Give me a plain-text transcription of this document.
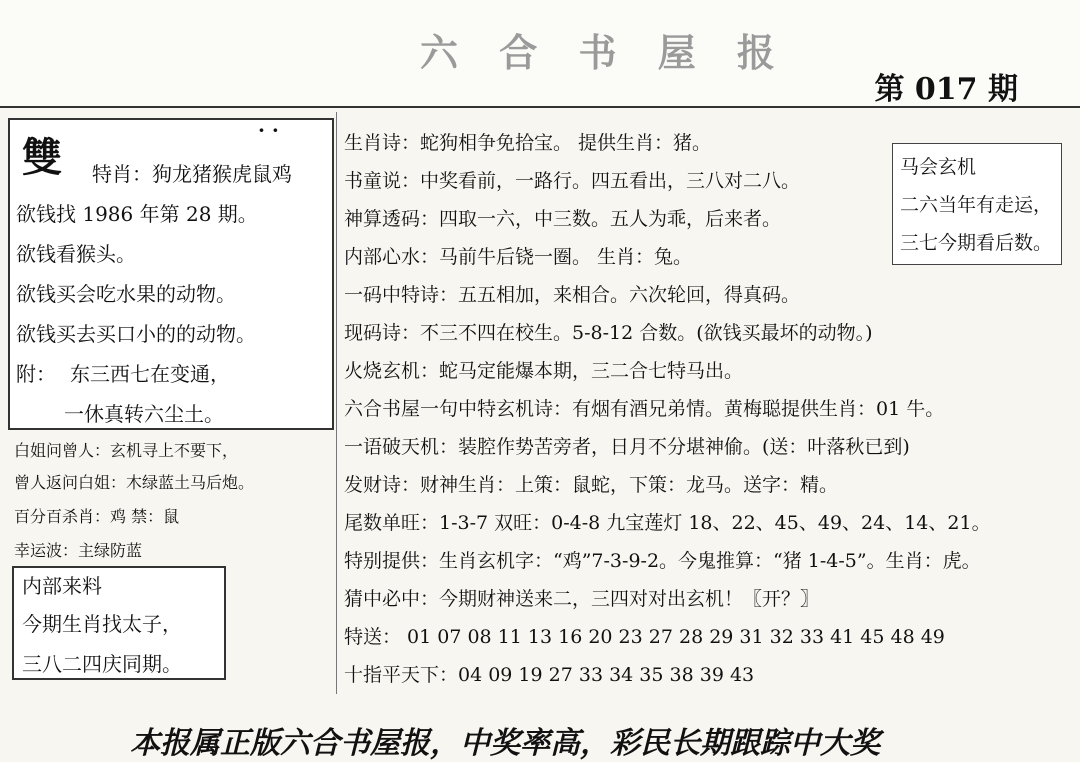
六 合 书 屋 报
第 017 期
· ·
雙 特肖：狗龙猪猴虎鼠鸡
欲钱找 1986 年第 28 期。
欲钱看猴头。
欲钱买会吃水果的动物。
欲钱买去买口小的的动物。
附： 东三西七在变通，
一休真转六尘土。
白姐问曾人：玄机寻上不要下，
曾人返问白姐：木绿蓝土马后炮。
百分百杀肖：鸡 禁：鼠
幸运波：主绿防蓝
内部来料
今期生肖找太子，
三八二四庆同期。
马会玄机
二六当年有走运，
三七今期看后数。
生肖诗：蛇狗相争免拾宝。 提供生肖：猪。
书童说：中奖看前，一路行。四五看出，三八对二八。
神算透码：四取一六，中三数。五人为乖，后来者。
内部心水：马前牛后铙一圈。 生肖：兔。
一码中特诗：五五相加，来相合。六次轮回，得真码。
现码诗：不三不四在校生。5-8-12 合数。(欲钱买最坏的动物。)
火烧玄机：蛇马定能爆本期，三二合七特马出。
六合书屋一句中特玄机诗：有烟有酒兄弟情。黄梅聪提供生肖：01 牛。
一语破天机：装腔作势苦旁者，日月不分堪神偷。(送：叶落秋已到)
发财诗：财神生肖：上策：鼠蛇，下策：龙马。送字：精。
尾数单旺：1-3-7 双旺：0-4-8 九宝莲灯 18、22、45、49、24、14、21。
特别提供：生肖玄机字：“鸡”7-3-9-2。今鬼推算：“猪 1-4-5”。生肖：虎。
猜中必中：今期财神送来二，三四对对出玄机！〖开？〗
特送： 01 07 08 11 13 16 20 23 27 28 29 31 32 33 41 45 48 49
十指平天下：04 09 19 27 33 34 35 38 39 43
本报属正版六合书屋报，中奖率高，彩民长期跟踪中大奖
